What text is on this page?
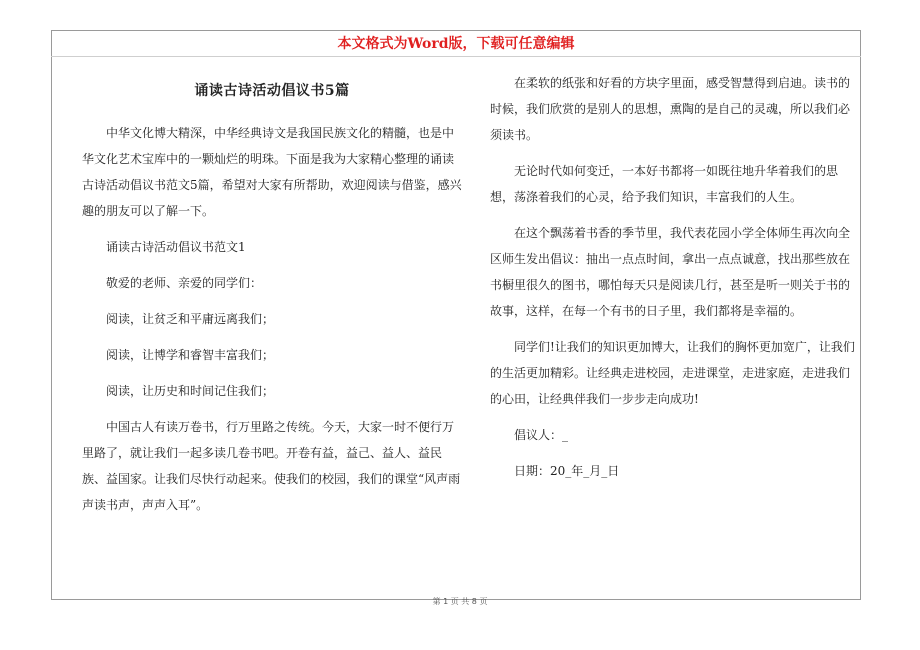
本文格式为Word版，下载可任意编辑
诵读古诗活动倡议书5篇

中华文化博大精深，中华经典诗文是我国民族文化的精髓，也是中华文化艺术宝库中的一颗灿烂的明珠。下面是我为大家精心整理的诵读古诗活动倡议书范文5篇，希望对大家有所帮助，欢迎阅读与借鉴，感兴趣的朋友可以了解一下。

诵读古诗活动倡议书范文1

敬爱的老师、亲爱的同学们：

阅读，让贫乏和平庸远离我们；

阅读，让博学和睿智丰富我们；

阅读，让历史和时间记住我们；

中国古人有读万卷书，行万里路之传统。今天，大家一时不便行万里路了，就让我们一起多读几卷书吧。开卷有益，益己、益人、益民族、益国家。让我们尽快行动起来。使我们的校园，我们的课堂“风声雨声读书声，声声入耳”。

在柔软的纸张和好看的方块字里面，感受智慧得到启迪。读书的时候，我们欣赏的是别人的思想，熏陶的是自己的灵魂，所以我们必须读书。

无论时代如何变迁，一本好书都将一如既往地升华着我们的思想，荡涤着我们的心灵，给予我们知识，丰富我们的人生。

在这个飘荡着书香的季节里，我代表花园小学全体师生再次向全区师生发出倡议：抽出一点点时间，拿出一点点诚意，找出那些放在书橱里很久的图书，哪怕每天只是阅读几行，甚至是听一则关于书的故事，这样，在每一个有书的日子里，我们都将是幸福的。

同学们!让我们的知识更加博大，让我们的胸怀更加宽广，让我们的生活更加精彩。让经典走进校园，走进课堂，走进家庭，走进我们的心田，让经典伴我们一步步走向成功!

倡议人：_

日期：20_年_月_日

第 1 页 共 8 页
